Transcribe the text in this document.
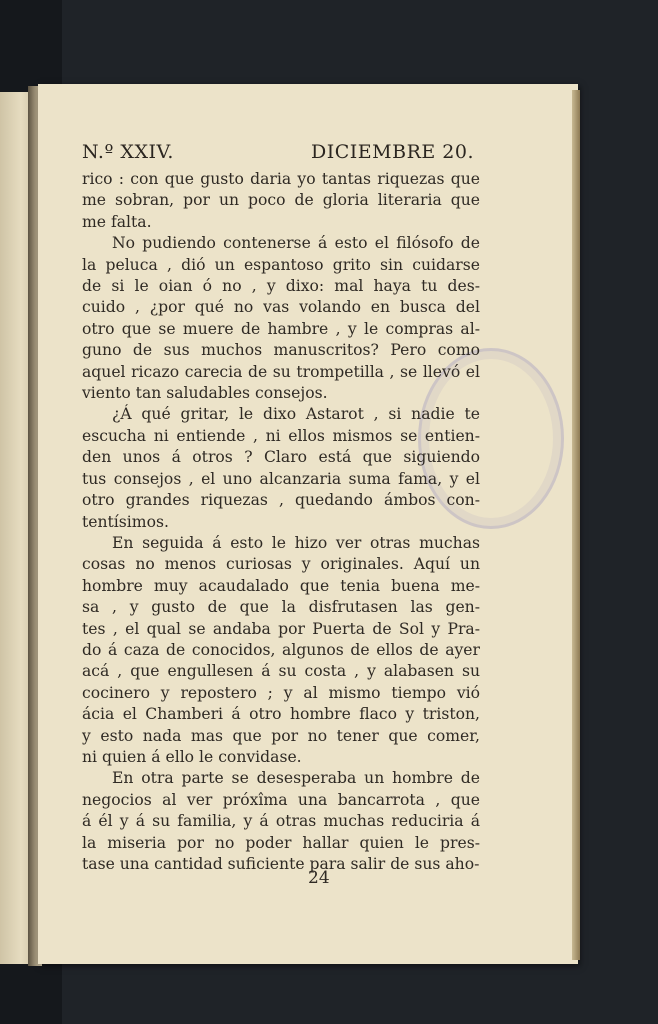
N.º XXIV.	DICIEMBRE 20.

rico : con que gusto daria yo tantas riquezas que

me sobran, por un poco de gloria literaria que

me falta.

No pudiendo contenerse á esto el filósofo de

la peluca , dió un espantoso grito sin cuidarse

de si le oian ó no , y dixo: mal haya tu des-

cuido , ¿por qué no vas volando en busca del

otro que se muere de hambre , y le compras al-

guno de sus muchos manuscritos? Pero como

aquel ricazo carecia de su trompetilla , se llevó el

viento tan saludables consejos.

¿Á qué gritar, le dixo Astarot , si nadie te

escucha ni entiende , ni ellos mismos se entien-

den unos á otros ? Claro está que siguiendo

tus consejos , el uno alcanzaria suma fama, y el

otro grandes riquezas , quedando ámbos con-

tentísimos.

En seguida á esto le hizo ver otras muchas

cosas no menos curiosas y originales. Aquí un

hombre muy acaudalado que tenia buena me-

sa , y gusto de que la disfrutasen las gen-

tes , el qual se andaba por Puerta de Sol y Pra-

do á caza de conocidos, algunos de ellos de ayer

acá , que engullesen á su costa , y alabasen su

cocinero y repostero ; y al mismo tiempo vió

ácia el Chamberi á otro hombre flaco y triston,

y esto nada mas que por no tener que comer,

ni quien á ello le convidase.

En otra parte se desesperaba un hombre de

negocios al ver próxîma una bancarrota , que

á él y á su familia, y á otras muchas reduciria á

la miseria por no poder hallar quien le pres-

tase una cantidad suficiente para salir de sus aho-

24
